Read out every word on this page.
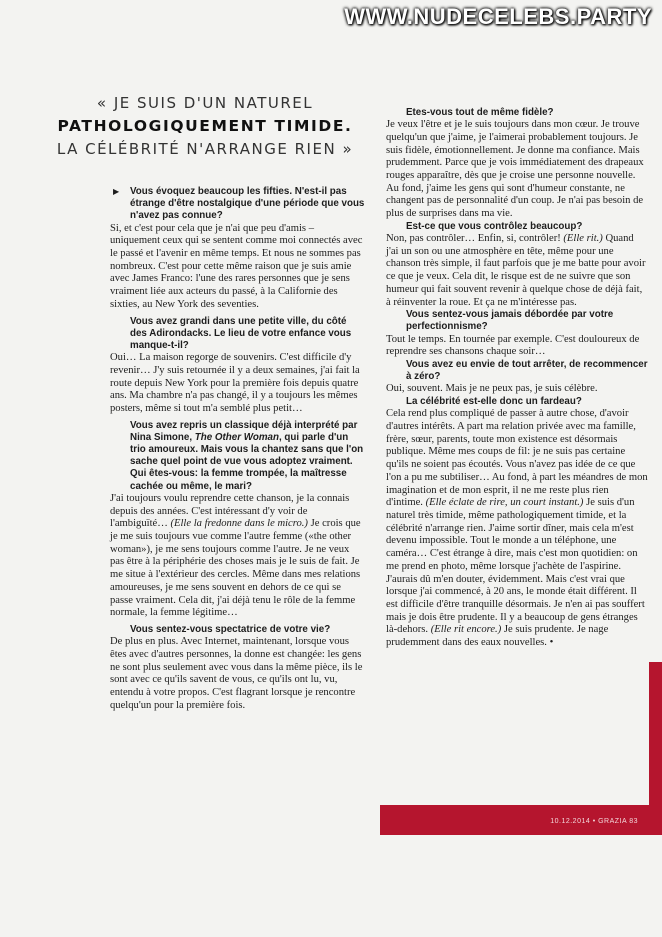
WWW.NUDECELEBS.PARTY
« JE SUIS D'UN NATUREL
PATHOLOGIQUEMENT TIMIDE.
LA CÉLÉBRITÉ N'ARRANGE RIEN »
▶	Vous évoquez beaucoup les fifties. N'est-il pas étrange d'être nostalgique d'une période que vous n'avez pas connue?

Si, et c'est pour cela que je n'ai que peu d'amis – uniquement ceux qui se sentent comme moi connectés avec le passé et l'avenir en même temps. Et nous ne sommes pas nombreux. C'est pour cette même raison que je suis amie avec James Franco: l'une des rares personnes que je sens vraiment liée aux acteurs du passé, à la Californie des sixties, au New York des seventies.

Vous avez grandi dans une petite ville, du côté des Adirondacks. Le lieu de votre enfance vous manque-t-il?

Oui… La maison regorge de souvenirs. C'est difficile d'y revenir… J'y suis retournée il y a deux semaines, j'ai fait la route depuis New York pour la première fois depuis quatre ans. Ma chambre n'a pas changé, il y a toujours les mêmes posters, même si tout m'a semblé plus petit…

Vous avez repris un classique déjà interprété par Nina Simone, The Other Woman, qui parle d'un trio amoureux. Mais vous la chantez sans que l'on sache quel point de vue vous adoptez vraiment. Qui êtes-vous: la femme trompée, la maîtresse cachée ou même, le mari?

J'ai toujours voulu reprendre cette chanson, je la connais depuis des années. C'est intéressant d'y voir de l'ambiguïté… (Elle la fredonne dans le micro.) Je crois que je me suis toujours vue comme l'autre femme («the other woman»), je me sens toujours comme l'autre. Je ne veux pas être à la périphérie des choses mais je le suis de fait. Je me situe à l'extérieur des cercles. Même dans mes relations amoureuses, je me sens souvent en dehors de ce qui se passe vraiment. Cela dit, j'ai déjà tenu le rôle de la femme normale, la femme légitime…

Vous sentez-vous spectatrice de votre vie?

De plus en plus. Avec Internet, maintenant, lorsque vous êtes avec d'autres personnes, la donne est changée: les gens ne sont plus seulement avec vous dans la même pièce, ils le sont avec ce qu'ils savent de vous, ce qu'ils ont lu, vu, entendu à votre propos. C'est flagrant lorsque je rencontre quelqu'un pour la première fois.

Etes-vous tout de même fidèle?

Je veux l'être et je le suis toujours dans mon cœur. Je trouve quelqu'un que j'aime, je l'aimerai probablement toujours. Je suis fidèle, émotionnellement. Je donne ma confiance. Mais prudemment. Parce que je vois immédiatement des drapeaux rouges apparaître, dès que je croise une personne nouvelle. Au fond, j'aime les gens qui sont d'humeur constante, ne changent pas de personnalité d'un coup. Je n'ai pas besoin de plus de surprises dans ma vie.

Est-ce que vous contrôlez beaucoup?

Non, pas contrôler… Enfin, si, contrôler! (Elle rit.) Quand j'ai un son ou une atmosphère en tête, même pour une chanson très simple, il faut parfois que je me batte pour avoir ce que je veux. Cela dit, le risque est de ne suivre que son humeur qui fait souvent revenir à quelque chose de déjà fait, à réinventer la roue. Et ça ne m'intéresse pas.

Vous sentez-vous jamais débordée par votre perfectionnisme?

Tout le temps. En tournée par exemple. C'est douloureux de reprendre ses chansons chaque soir…

Vous avez eu envie de tout arrêter, de recommencer à zéro?

Oui, souvent. Mais je ne peux pas, je suis célèbre.

La célébrité est-elle donc un fardeau?

Cela rend plus compliqué de passer à autre chose, d'avoir d'autres intérêts. A part ma relation privée avec ma famille, frère, sœur, parents, toute mon existence est désormais publique. Même mes coups de fil: je ne suis pas certaine qu'ils ne soient pas écoutés. Vous n'avez pas idée de ce que l'on a pu me subtiliser… Au fond, à part les méandres de mon imagination et de mon esprit, il ne me reste plus rien d'intime. (Elle éclate de rire, un court instant.) Je suis d'un naturel très timide, même pathologiquement timide, et la célébrité n'arrange rien. J'aime sortir dîner, mais cela m'est devenu impossible. Tout le monde a un téléphone, une caméra… C'est étrange à dire, mais c'est mon quotidien: on me prend en photo, même lorsque j'achète de l'aspirine. J'aurais dû m'en douter, évidemment. Mais c'est vrai que lorsque j'ai commencé, à 20 ans, le monde était différent. Il est difficile d'être tranquille désormais. Je n'en ai pas souffert mais je dois être prudente. Il y a beaucoup de gens étranges là-dehors. (Elle rit encore.) Je suis prudente. Je nage prudemment dans des eaux nouvelles. •

10.12.2014 • GRAZIA 83
